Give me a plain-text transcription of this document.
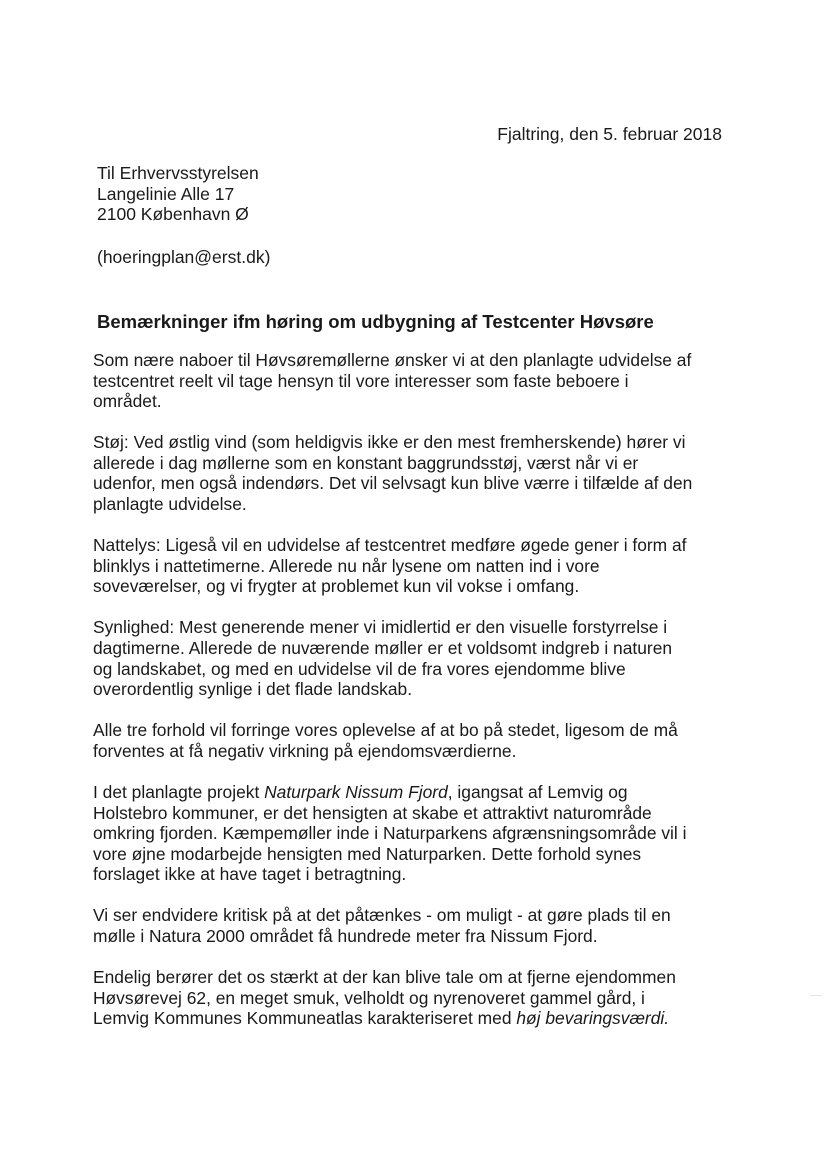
Fjaltring, den 5. februar 2018
Til Erhvervsstyrelsen
Langelinie Alle 17
2100 København Ø
(hoeringplan@erst.dk)
Bemærkninger ifm høring om udbygning af Testcenter Høvsøre

Som nære naboer til Høvsøremøllerne ønsker vi at den planlagte udvidelse af
testcentret reelt vil tage hensyn til vore interesser som faste beboere i
området.

Støj: Ved østlig vind (som heldigvis ikke er den mest fremherskende) hører vi
allerede i dag møllerne som en konstant baggrundsstøj, værst når vi er
udenfor, men også indendørs. Det vil selvsagt kun blive værre i tilfælde af den
planlagte udvidelse.

Nattelys: Ligeså vil en udvidelse af testcentret medføre øgede gener i form af
blinklys i nattetimerne. Allerede nu når lysene om natten ind i vore
soveværelser, og vi frygter at problemet kun vil vokse i omfang.

Synlighed: Mest generende mener vi imidlertid er den visuelle forstyrrelse i
dagtimerne. Allerede de nuværende møller er et voldsomt indgreb i naturen
og landskabet, og med en udvidelse vil de fra vores ejendomme blive
overordentlig synlige i det flade landskab.

Alle tre forhold vil forringe vores oplevelse af at bo på stedet, ligesom de må
forventes at få negativ virkning på ejendomsværdierne.

I det planlagte projekt Naturpark Nissum Fjord, igangsat af Lemvig og
Holstebro kommuner, er det hensigten at skabe et attraktivt naturområde
omkring fjorden. Kæmpemøller inde i Naturparkens afgrænsningsområde vil i
vore øjne modarbejde hensigten med Naturparken. Dette forhold synes
forslaget ikke at have taget i betragtning.

Vi ser endvidere kritisk på at det påtænkes - om muligt - at gøre plads til en
mølle i Natura 2000 området få hundrede meter fra Nissum Fjord.

Endelig berører det os stærkt at der kan blive tale om at fjerne ejendommen
Høvsørevej 62, en meget smuk, velholdt og nyrenoveret gammel gård, i
Lemvig Kommunes Kommuneatlas karakteriseret med høj bevaringsværdi.
